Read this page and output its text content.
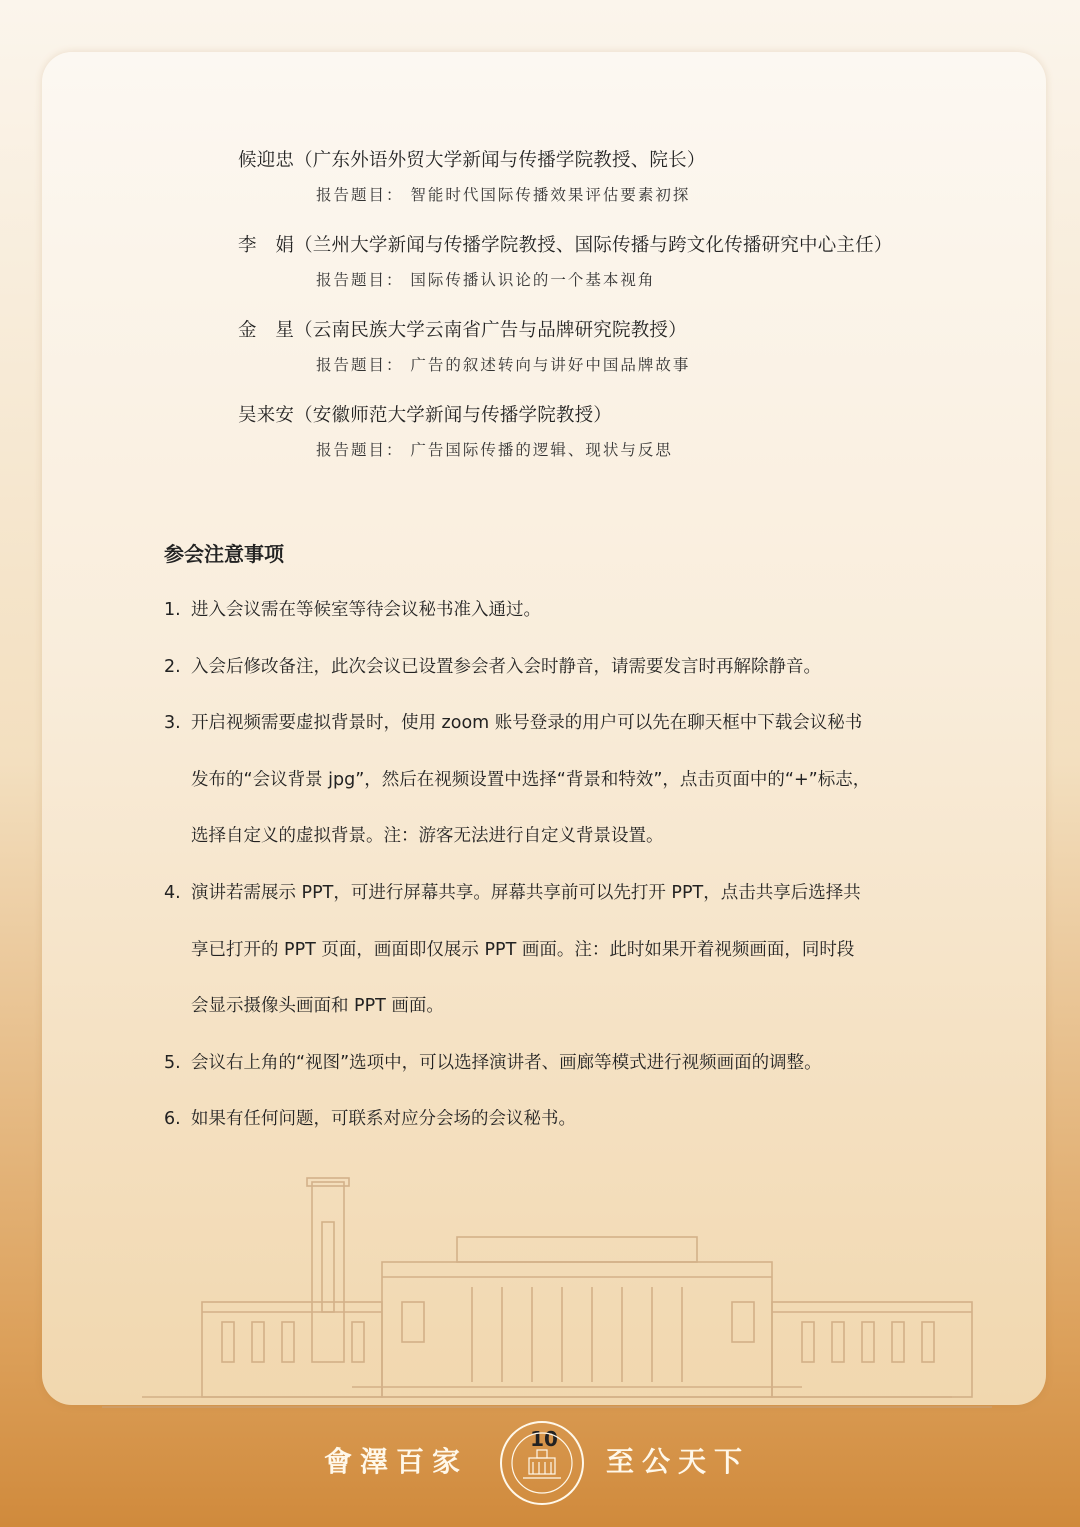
候迎忠（广东外语外贸大学新闻与传播学院教授、院长）
报告题目： 智能时代国际传播效果评估要素初探
李　娟（兰州大学新闻与传播学院教授、国际传播与跨文化传播研究中心主任）
报告题目： 国际传播认识论的一个基本视角
金　星（云南民族大学云南省广告与品牌研究院教授）
报告题目： 广告的叙述转向与讲好中国品牌故事
吴来安（安徽师范大学新闻与传播学院教授）
报告题目： 广告国际传播的逻辑、现状与反思
参会注意事项
1. 进入会议需在等候室等待会议秘书准入通过。
2. 入会后修改备注，此次会议已设置参会者入会时静音，请需要发言时再解除静音。
3. 开启视频需要虚拟背景时，使用 zoom 账号登录的用户可以先在聊天框中下载会议秘书
发布的“会议背景 jpg”，然后在视频设置中选择“背景和特效”，点击页面中的“+”标志，
选择自定义的虚拟背景。注：游客无法进行自定义背景设置。
4. 演讲若需展示 PPT，可进行屏幕共享。屏幕共享前可以先打开 PPT，点击共享后选择共
享已打开的 PPT 页面，画面即仅展示 PPT 画面。注：此时如果开着视频画面，同时段
会显示摄像头画面和 PPT 画面。
5. 会议右上角的“视图”选项中，可以选择演讲者、画廊等模式进行视频画面的调整。
6. 如果有任何问题，可联系对应分会场的会议秘书。
10
會澤百家	至公天下
